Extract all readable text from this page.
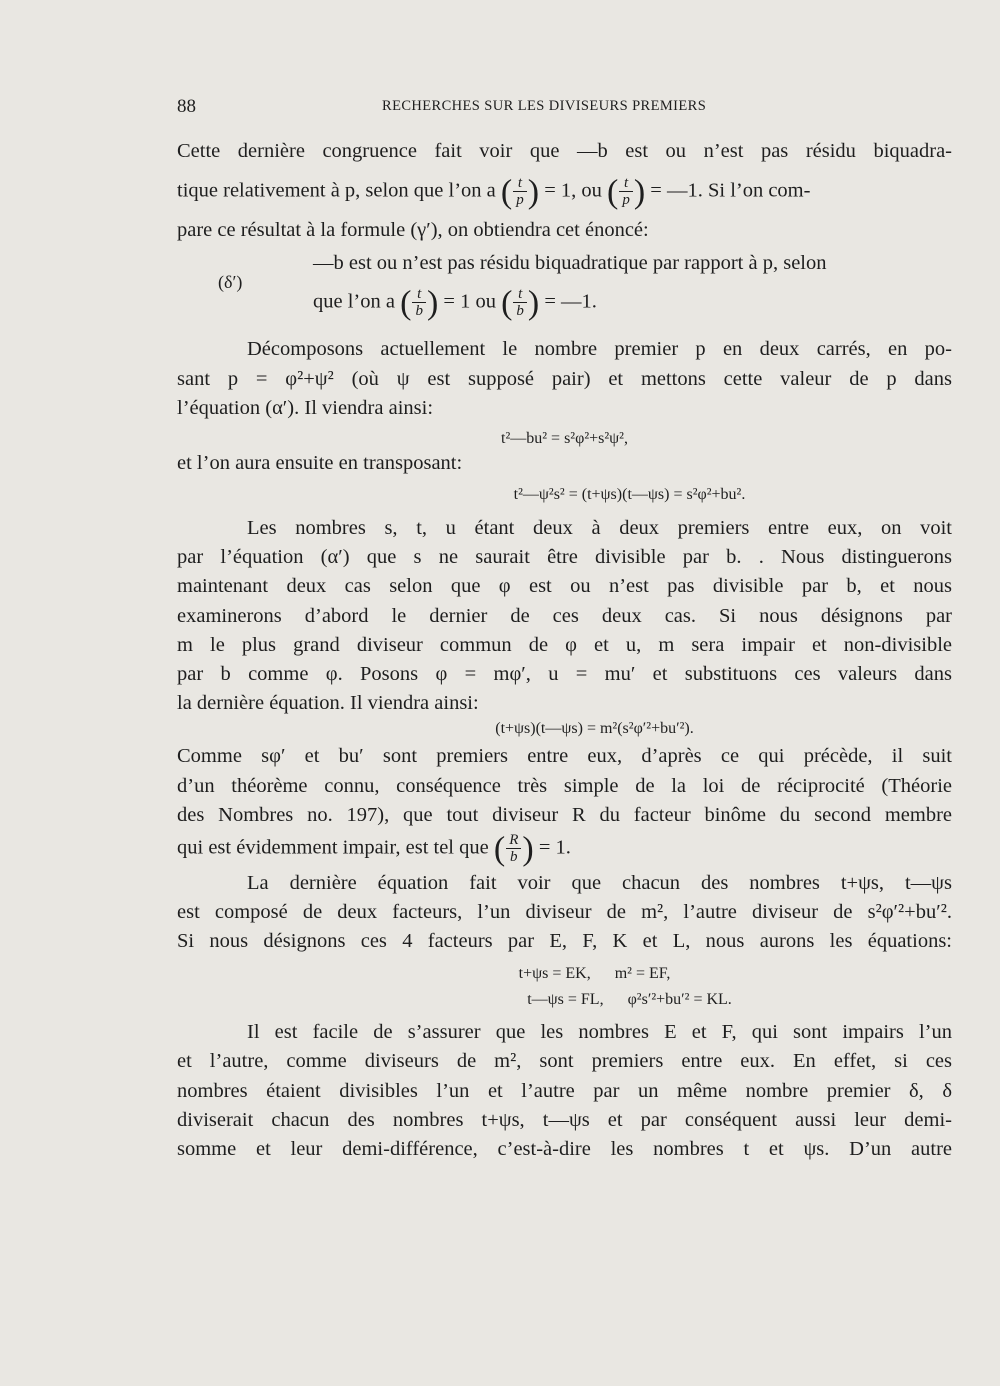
88	RECHERCHES SUR LES DIVISEURS PREMIERS
Cette dernière congruence fait voir que —b est ou n’est pas résidu biquadra-
tique relativement à p, selon que l’on a ( $\frac{t}{p}$ ) = 1, ou ( $\frac{t}{p}$ ) = —1. Si l’on com-
pare ce résultat à la formule (γ′), on obtiendra cet énoncé:
(δ′)
—b est ou n’est pas résidu biquadratique par rapport à p, selon
que l’on a ( $\frac{t}{b}$ ) = 1 ou ( $\frac{t}{b}$ ) = —1.
Décomposons actuellement le nombre premier p en deux carrés, en po-
sant p = φ²+ψ² (où ψ est supposé pair) et mettons cette valeur de p dans
l’équation (α′). Il viendra ainsi:
t²—bu² = s²φ²+s²ψ²,
et l’on aura ensuite en transposant:
t²—ψ²s² = (t+ψs)(t—ψs) = s²φ²+bu².
Les nombres s, t, u étant deux à deux premiers entre eux, on voit
par l’équation (α′) que s ne saurait être divisible par b. . Nous distinguerons
maintenant deux cas selon que φ est ou n’est pas divisible par b, et nous
examinerons d’abord le dernier de ces deux cas. Si nous désignons par
m le plus grand diviseur commun de φ et u, m sera impair et non-divisible
par b comme φ. Posons φ = mφ′, u = mu′ et substituons ces valeurs dans
la dernière équation. Il viendra ainsi:
(t+ψs)(t—ψs) = m²(s²φ′²+bu′²).
Comme sφ′ et bu′ sont premiers entre eux, d’après ce qui précède, il suit
d’un théorème connu, conséquence très simple de la loi de réciprocité (Théorie
des Nombres no. 197), que tout diviseur R du facteur binôme du second membre
qui est évidemment impair, est tel que ( $\frac{R}{b}$ ) = 1.
La dernière équation fait voir que chacun des nombres t+ψs, t—ψs
est composé de deux facteurs, l’un diviseur de m², l’autre diviseur de s²φ′²+bu′².
Si nous désignons ces 4 facteurs par E, F, K et L, nous aurons les équations:
t+ψs = EK,      m² = EF,
t—ψs = FL,      φ²s′²+bu′² = KL.
Il est facile de s’assurer que les nombres E et F, qui sont impairs l’un
et l’autre, comme diviseurs de m², sont premiers entre eux. En effet, si ces
nombres étaient divisibles l’un et l’autre par un même nombre premier δ, δ
diviserait chacun des nombres t+ψs, t—ψs et par conséquent aussi leur demi-
somme et leur demi-différence, c’est-à-dire les nombres t et ψs. D’un autre
